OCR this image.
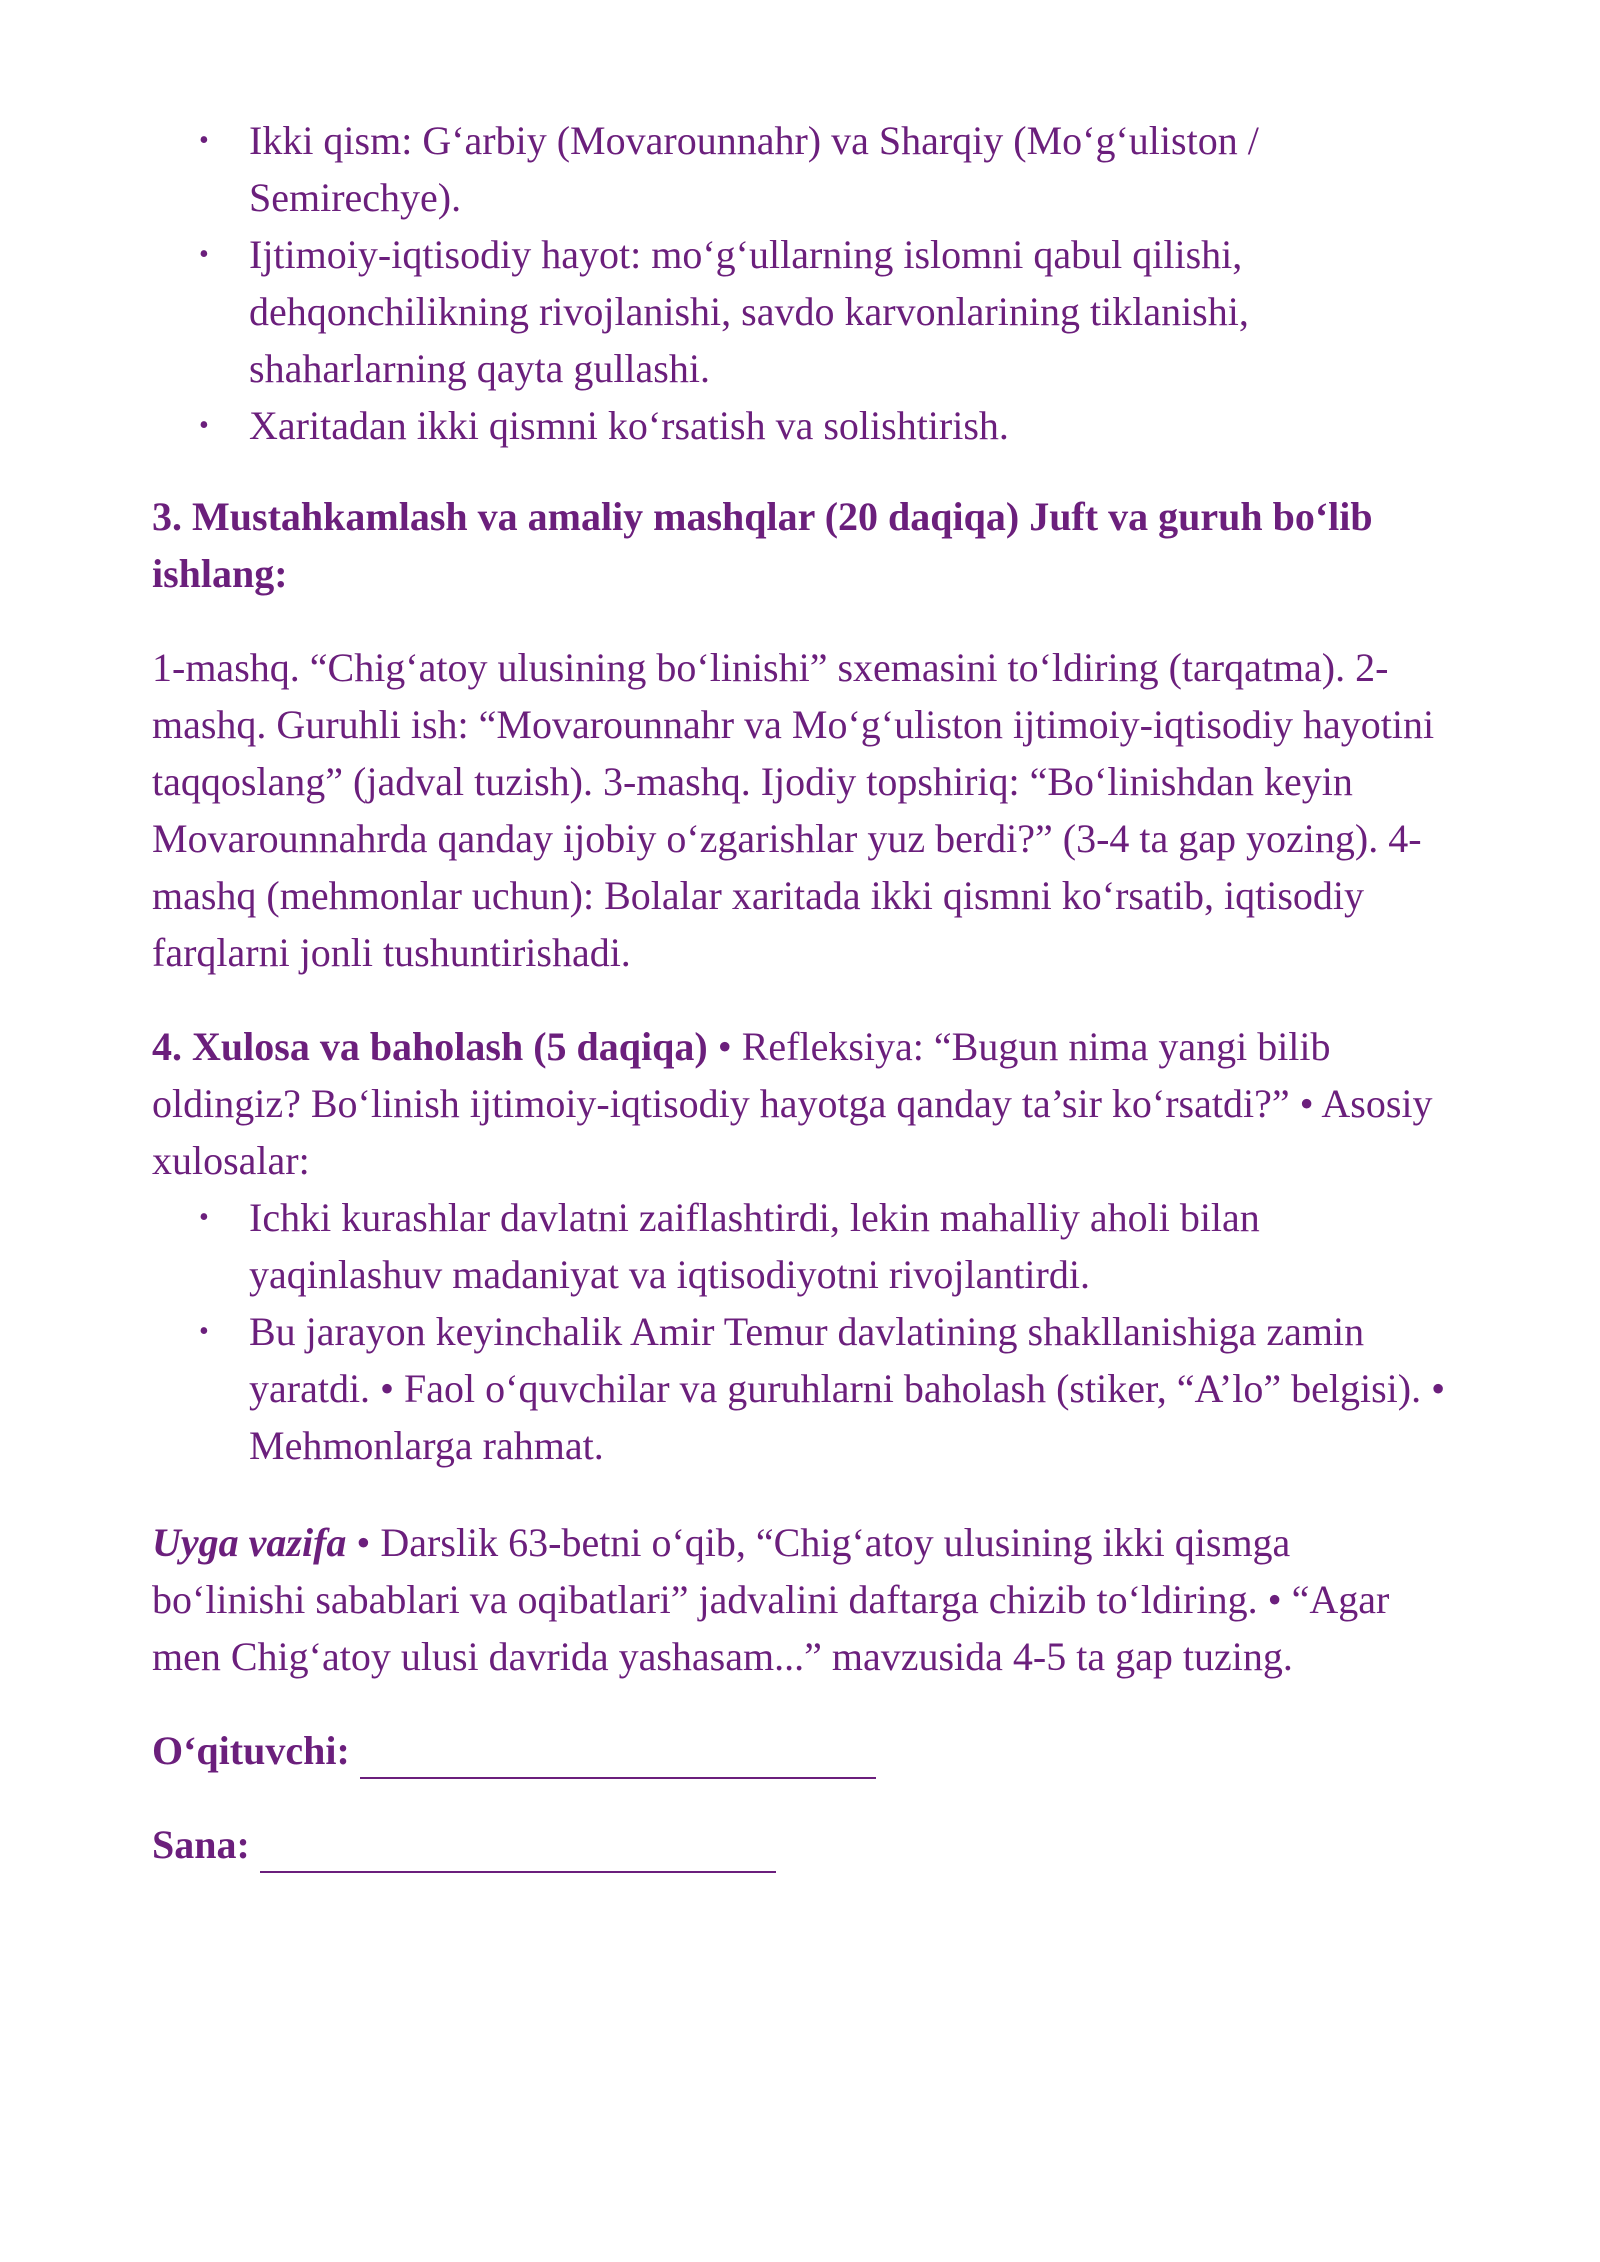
• Ikki qism: G‘arbiy (Movarounnahr) va Sharqiy (Mo‘g‘uliston / Semirechye).
• Ijtimoiy-iqtisodiy hayot: mo‘g‘ullarning islomni qabul qilishi, dehqonchilikning rivojlanishi, savdo karvonlarining tiklanishi, shaharlarning qayta gullashi.
• Xaritadan ikki qismni ko‘rsatish va solishtirish.

3. Mustahkamlash va amaliy mashqlar (20 daqiqa) Juft va guruh bo‘lib ishlang:

1-mashq. “Chig‘atoy ulusining bo‘linishi” sxemasini to‘ldiring (tarqatma). 2-mashq. Guruhli ish: “Movarounnahr va Mo‘g‘uliston ijtimoiy-iqtisodiy hayotini taqqoslang” (jadval tuzish). 3-mashq. Ijodiy topshiriq: “Bo‘linishdan keyin Movarounnahrda qanday ijobiy o‘zgarishlar yuz berdi?” (3-4 ta gap yozing). 4-mashq (mehmonlar uchun): Bolalar xaritada ikki qismni ko‘rsatib, iqtisodiy farqlarni jonli tushuntirishadi.

4. Xulosa va baholash (5 daqiqa) • Refleksiya: “Bugun nima yangi bilib oldingiz? Bo‘linish ijtimoiy-iqtisodiy hayotga qanday ta’sir ko‘rsatdi?” • Asosiy xulosalar:

• Ichki kurashlar davlatni zaiflashtirdi, lekin mahalliy aholi bilan yaqinlashuv madaniyat va iqtisodiyotni rivojlantirdi.
• Bu jarayon keyinchalik Amir Temur davlatining shakllanishiga zamin yaratdi. • Faol o‘quvchilar va guruhlarni baholash (stiker, “A’lo” belgisi). • Mehmonlarga rahmat.

Uyga vazifa • Darslik 63-betni o‘qib, “Chig‘atoy ulusining ikki qismga bo‘linishi sabablari va oqibatlari” jadvalini daftarga chizib to‘ldiring. • “Agar men Chig‘atoy ulusi davrida yashasam...” mavzusida 4-5 ta gap tuzing.

O‘qituvchi:

Sana:
